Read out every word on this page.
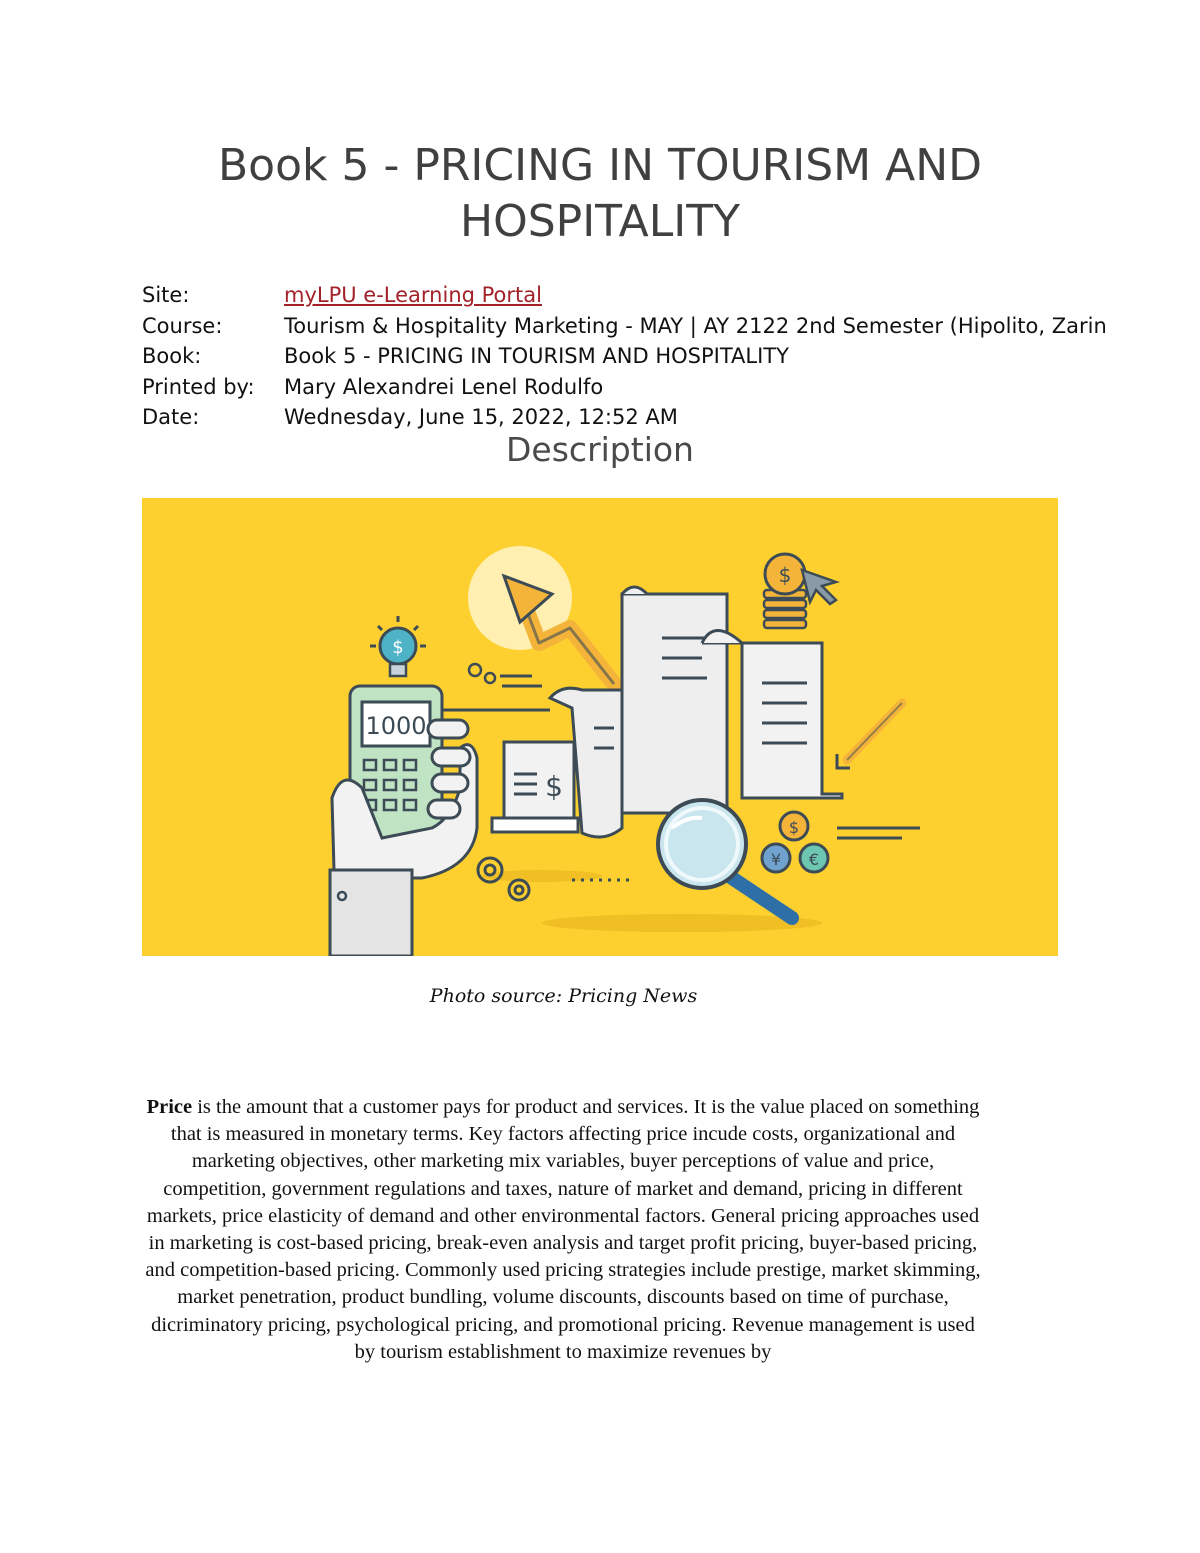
Book 5 - PRICING IN TOURISM AND HOSPITALITY
Site:	myLPU e-Learning Portal
Course:	Tourism & Hospitality Marketing - MAY | AY 2122 2nd Semester (Hipolito, Zarin
Book:	Book 5 - PRICING IN TOURISM AND HOSPITALITY
Printed by: Mary Alexandrei Lenel Rodulfo
Date:	Wednesday, June 15, 2022, 12:52 AM
Description
$
$
1000
$
$
¥ €
Photo source: Pricing News

Price is the amount that a customer pays for product and services. It is the value placed on something that is measured in monetary terms. Key factors affecting price incude costs, organizational and marketing objectives, other marketing mix variables, buyer perceptions of value and price, competition, government regulations and taxes, nature of market and demand, pricing in different markets, price elasticity of demand and other environmental factors. General pricing approaches used in marketing is cost-based pricing, break-even analysis and target profit pricing, buyer-based pricing, and competition-based pricing. Commonly used pricing strategies include prestige, market skimming, market penetration, product bundling, volume discounts, discounts based on time of purchase, dicriminatory pricing, psychological pricing, and promotional pricing. Revenue management is used by tourism establishment to maximize revenues by
